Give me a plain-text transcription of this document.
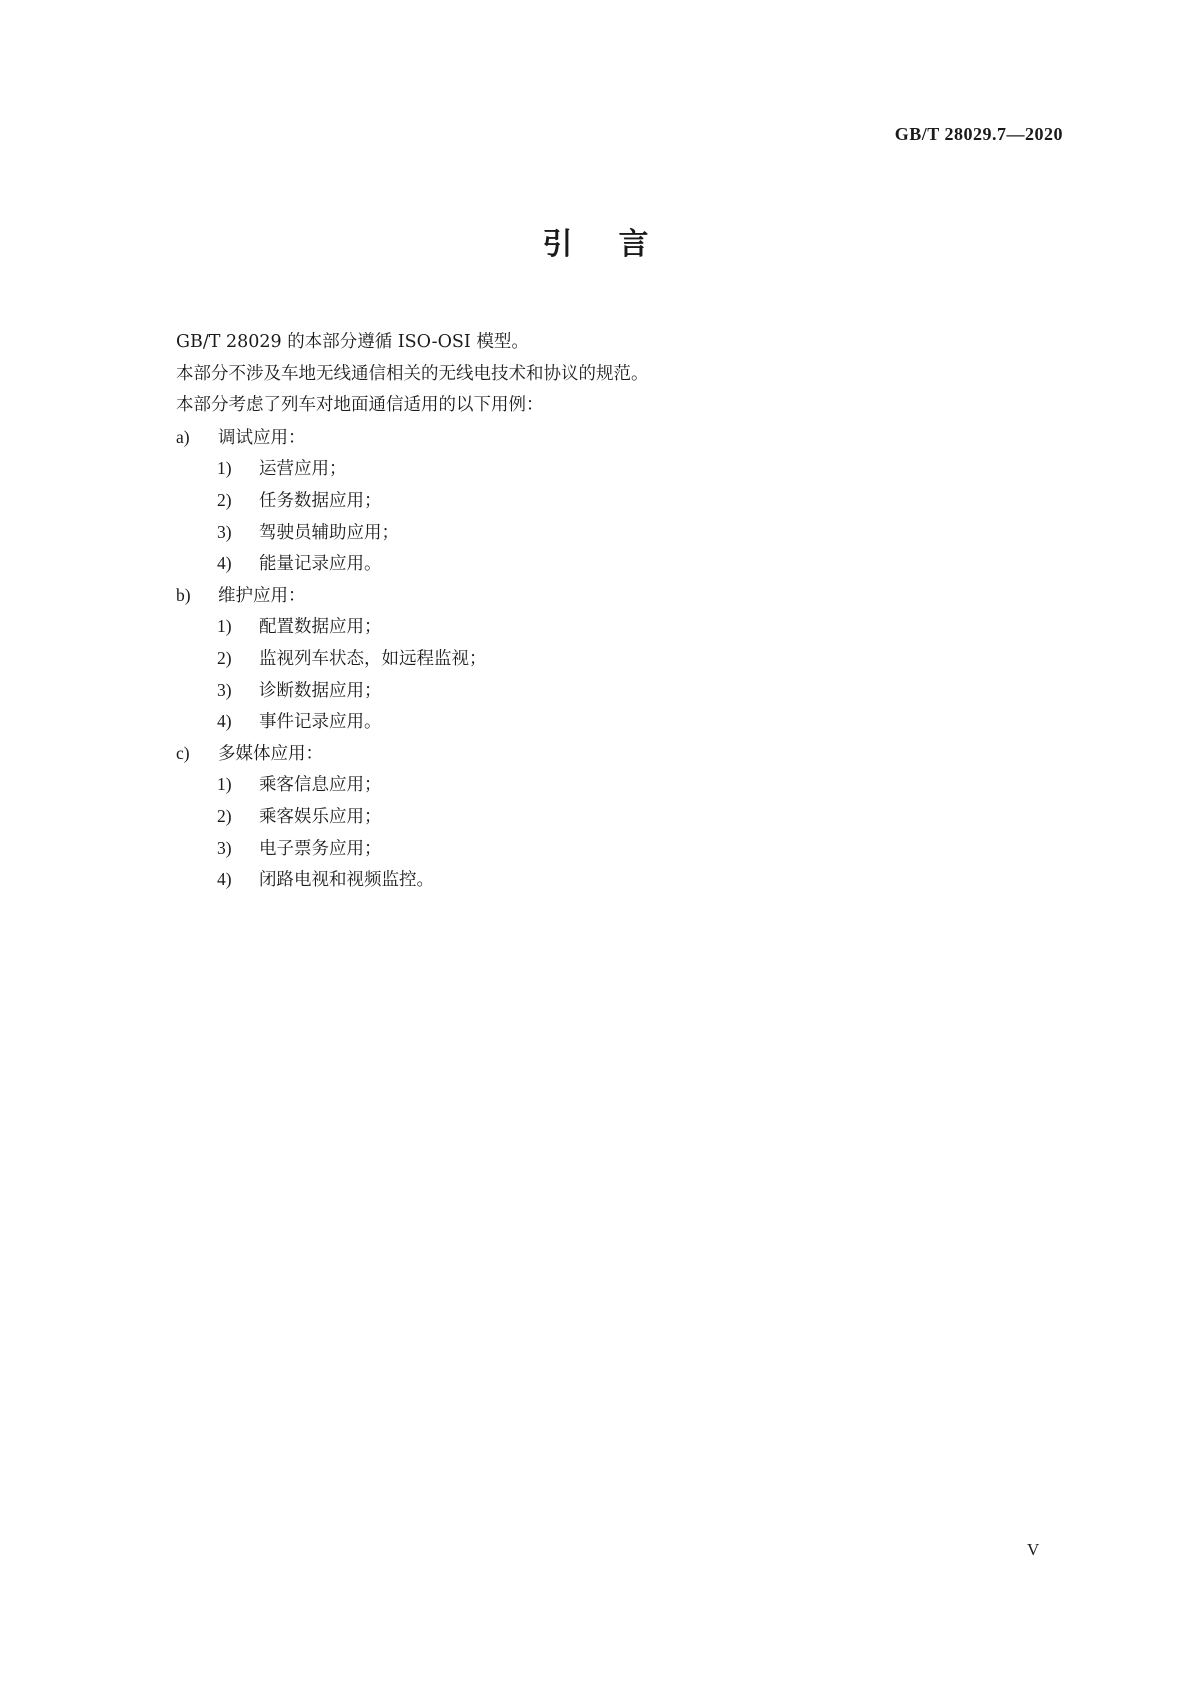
GB/T 28029.7—2020
引言
GB/T 28029 的本部分遵循 ISO-OSI 模型。
本部分不涉及车地无线通信相关的无线电技术和协议的规范。
本部分考虑了列车对地面通信适用的以下用例：
a) 调试应用：
1) 运营应用；
2) 任务数据应用；
3) 驾驶员辅助应用；
4) 能量记录应用。
b) 维护应用：
1) 配置数据应用；
2) 监视列车状态，如远程监视；
3) 诊断数据应用；
4) 事件记录应用。
c) 多媒体应用：
1) 乘客信息应用；
2) 乘客娱乐应用；
3) 电子票务应用；
4) 闭路电视和视频监控。
V
